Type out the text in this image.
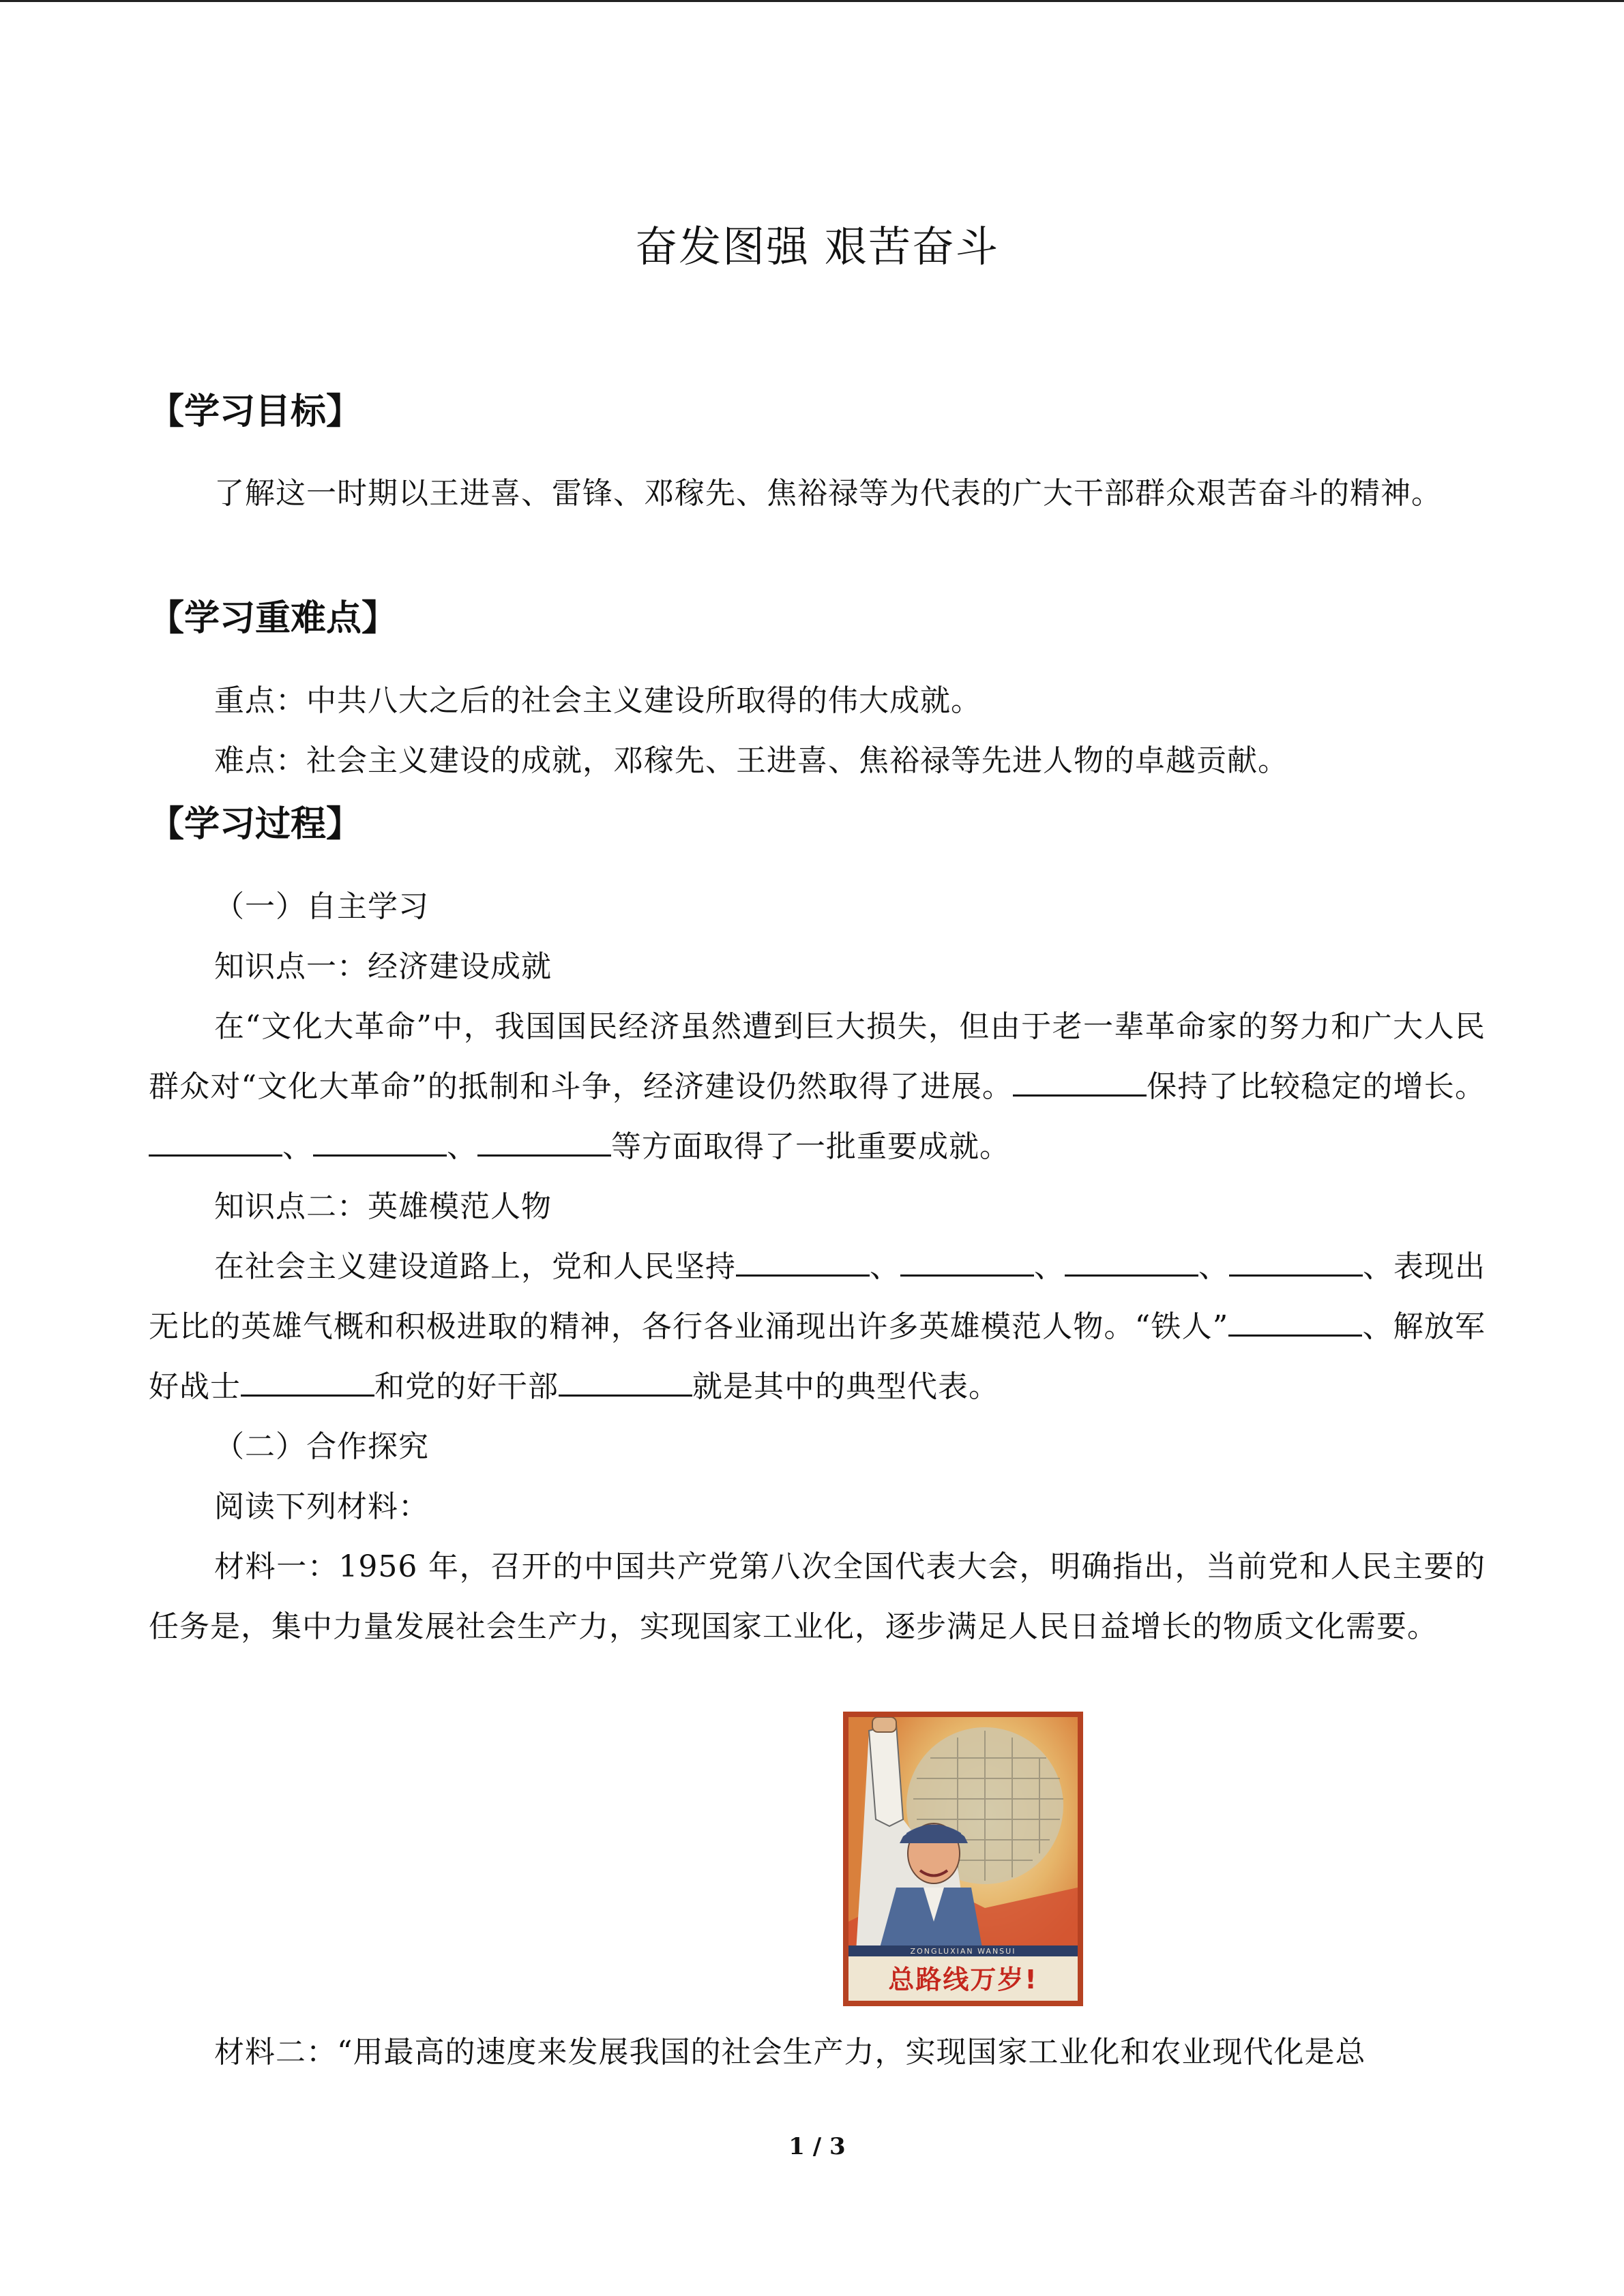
奋发图强 艰苦奋斗
【学习目标】
了解这一时期以王进喜、雷锋、邓稼先、焦裕禄等为代表的广大干部群众艰苦奋斗的精神。
【学习重难点】
重点：中共八大之后的社会主义建设所取得的伟大成就。
难点：社会主义建设的成就，邓稼先、王进喜、焦裕禄等先进人物的卓越贡献。
【学习过程】
（一）自主学习
知识点一：经济建设成就
在“文化大革命”中，我国国民经济虽然遭到巨大损失，但由于老一辈革命家的努力和广大人民群众对“文化大革命”的抵制和斗争，经济建设仍然取得了进展。	保持了比较稳定的增长。、	、	等方面取得了一批重要成就。
知识点二：英雄模范人物
在社会主义建设道路上，党和人民坚持	、	、	、	、表现出无比的英雄气概和积极进取的精神，各行各业涌现出许多英雄模范人物。“铁人”	、解放军好战士	和党的好干部	就是其中的典型代表。
（二）合作探究
阅读下列材料：
材料一：1956 年，召开的中国共产党第八次全国代表大会，明确指出，当前党和人民主要的任务是，集中力量发展社会生产力，实现国家工业化，逐步满足人民日益增长的物质文化需要。
ZONGLUXIAN WANSUI
总路线万岁!
材料二：“用最高的速度来发展我国的社会生产力，实现国家工业化和农业现代化是总
1 / 3
